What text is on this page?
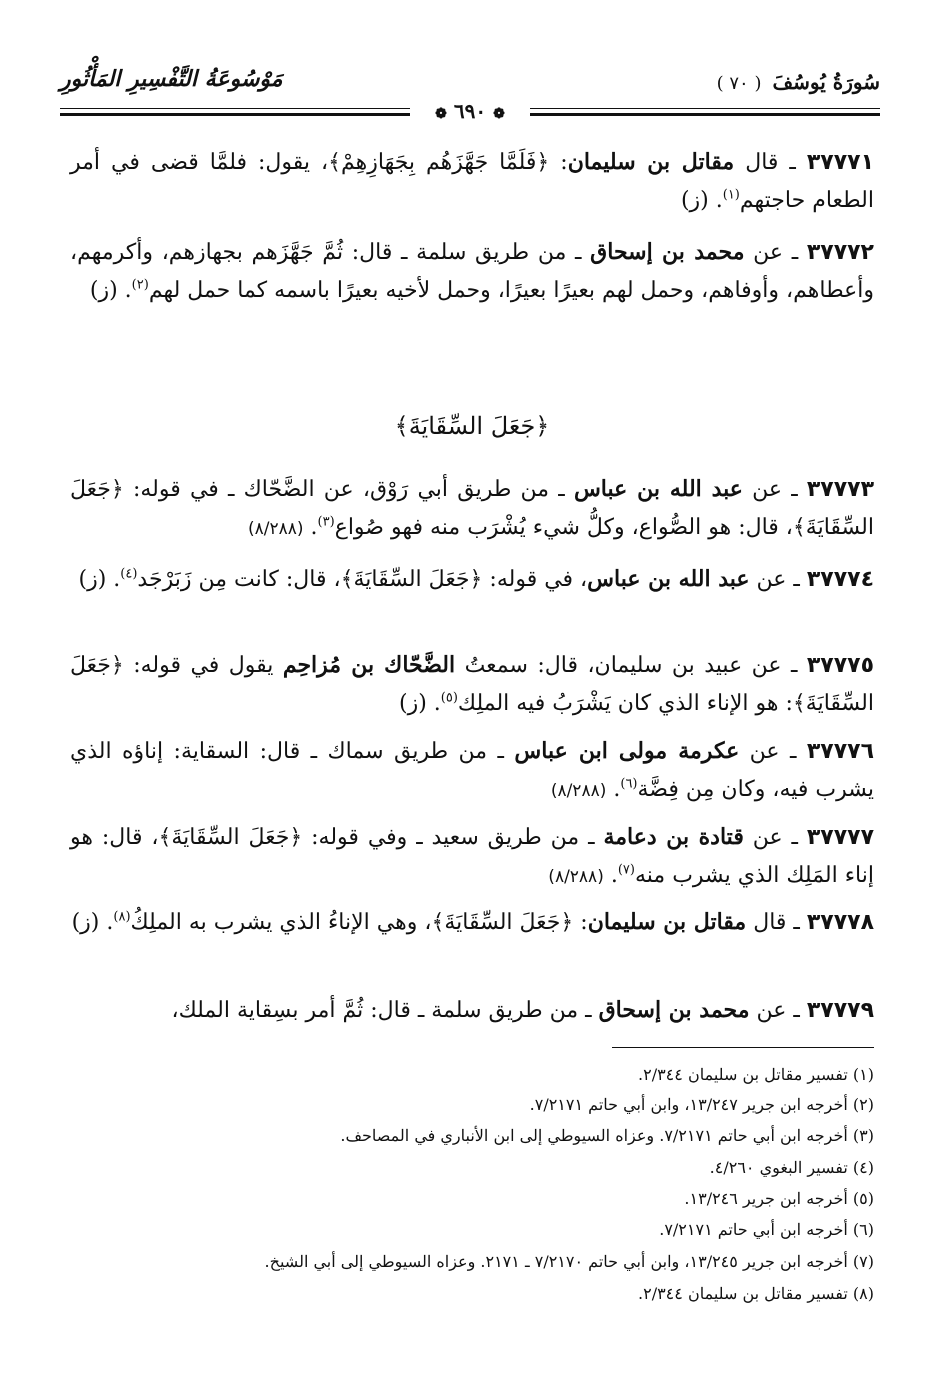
سُورَةُ يُوسُفَ ( ٧٠ )
مَوْسُوعَةُ التَّفْسِيرِ المَأْثُورِ
❁ ٦٩٠ ❁
٣٧٧٧١ ـ قال مقاتل بن سليمان: ﴿فَلَمَّا جَهَّزَهُم بِجَهَازِهِمْ﴾، يقول: فلمَّا قضى في أمر الطعام حاجتهم$^{(١)}$. (ز)
٣٧٧٧٢ ـ عن محمد بن إسحاق ـ من طريق سلمة ـ قال: ثُمَّ جَهَّزَهم بجهازهم، وأكرمهم، وأعطاهم، وأوفاهم، وحمل لهم بعيرًا بعيرًا، وحمل لأخيه بعيرًا باسمه كما حمل لهم$^{(٢)}$. (ز)
﴿جَعَلَ السِّقَايَةَ﴾
٣٧٧٧٣ ـ عن عبد الله بن عباس ـ من طريق أبي رَوْق، عن الضَّحّاك ـ في قوله: ﴿جَعَلَ السِّقَايَةَ﴾، قال: هو الصُّواع، وكلُّ شيء يُشْرَب منه فهو صُواع$^{(٣)}$. (٨/٢٨٨)
٣٧٧٧٤ ـ عن عبد الله بن عباس، في قوله: ﴿جَعَلَ السِّقَايَةَ﴾، قال: كانت مِن زَبَرْجَد$^{(٤)}$. (ز)
٣٧٧٧٥ ـ عن عبيد بن سليمان، قال: سمعتُ الضَّحّاك بن مُزاحِم يقول في قوله: ﴿جَعَلَ السِّقَايَةَ﴾: هو الإناء الذي كان يَشْرَبُ فيه الملِك$^{(٥)}$. (ز)
٣٧٧٧٦ ـ عن عكرمة مولى ابن عباس ـ من طريق سماك ـ قال: السقاية: إناؤه الذي يشرب فيه، وكان مِن فِضَّة$^{(٦)}$. (٨/٢٨٨)
٣٧٧٧٧ ـ عن قتادة بن دعامة ـ من طريق سعيد ـ وفي قوله: ﴿جَعَلَ السِّقَايَةَ﴾، قال: هو إناء المَلِك الذي يشرب منه$^{(٧)}$. (٨/٢٨٨)
٣٧٧٧٨ ـ قال مقاتل بن سليمان: ﴿جَعَلَ السِّقَايَةَ﴾، وهي الإناءُ الذي يشرب به الملِكُ$^{(٨)}$. (ز)
٣٧٧٧٩ ـ عن محمد بن إسحاق ـ من طريق سلمة ـ قال: ثُمَّ أمر بسِقاية الملك،
(١) تفسير مقاتل بن سليمان ٢/٣٤٤.
(٢) أخرجه ابن جرير ١٣/٢٤٧، وابن أبي حاتم ٧/٢١٧١.
(٣) أخرجه ابن أبي حاتم ٧/٢١٧١. وعزاه السيوطي إلى ابن الأنباري في المصاحف.
(٤) تفسير البغوي ٤/٢٦٠.
(٥) أخرجه ابن جرير ١٣/٢٤٦.
(٦) أخرجه ابن أبي حاتم ٧/٢١٧١.
(٧) أخرجه ابن جرير ١٣/٢٤٥، وابن أبي حاتم ٧/٢١٧٠ ـ ٢١٧١. وعزاه السيوطي إلى أبي الشيخ.
(٨) تفسير مقاتل بن سليمان ٢/٣٤٤.
